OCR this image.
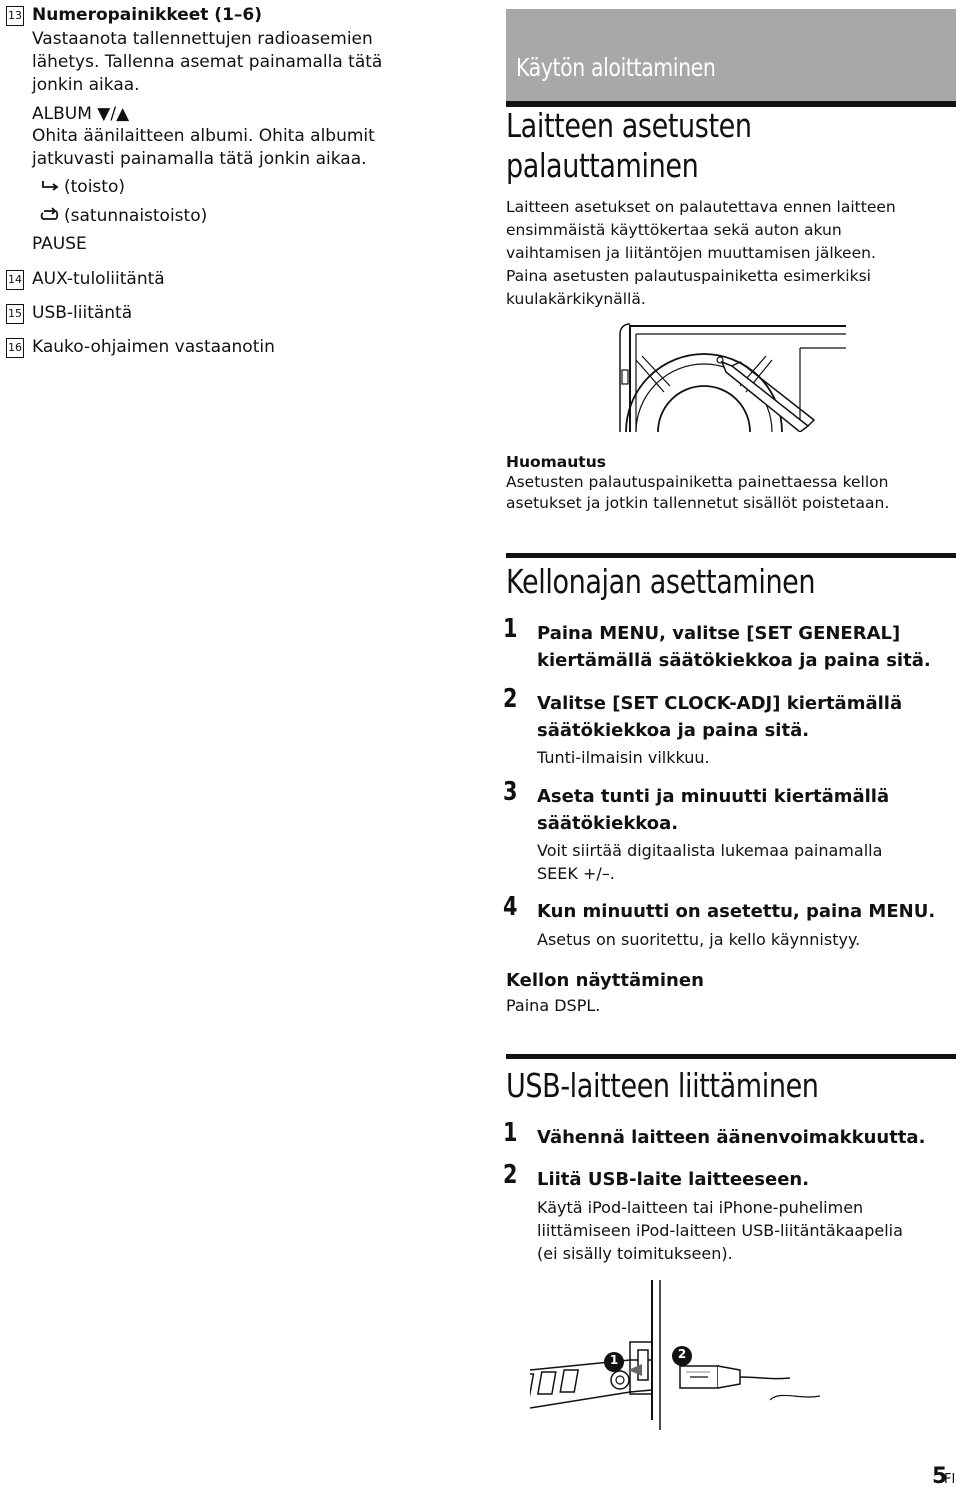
13 Numeropainikkeet (1–6)
Vastaanota tallennettujen radioasemien
lähetys. Tallenna asemat painamalla tätä
jonkin aikaa.
ALBUM ▼/▲
Ohita äänilaitteen albumi. Ohita albumit
jatkuvasti painamalla tätä jonkin aikaa.
(toisto)
(satunnaistoisto)
PAUSE
14 AUX-tuloliitäntä
15 USB-liitäntä
16 Kauko-ohjaimen vastaanotin
Käytön aloittaminen
Laitteen asetusten
palauttaminen
Laitteen asetukset on palautettava ennen laitteen
ensimmäistä käyttökertaa sekä auton akun
vaihtamisen ja liitäntöjen muuttamisen jälkeen.
Paina asetusten palautuspainiketta esimerkiksi
kuulakärkikynällä.
Huomautus
Asetusten palautuspainiketta painettaessa kellon
asetukset ja jotkin tallennetut sisällöt poistetaan.
Kellonajan asettaminen
1 Paina MENU, valitse [SET GENERAL]
kiertämällä säätökiekkoa ja paina sitä.
2 Valitse [SET CLOCK-ADJ] kiertämällä
säätökiekkoa ja paina sitä.
Tunti-ilmaisin vilkkuu.
3 Aseta tunti ja minuutti kiertämällä
säätökiekkoa.
Voit siirtää digitaalista lukemaa painamalla
SEEK +/–.
4 Kun minuutti on asetettu, paina MENU.
Asetus on suoritettu, ja kello käynnistyy.
Kellon näyttäminen
Paina DSPL.
USB-laitteen liittäminen
1 Vähennä laitteen äänenvoimakkuutta.
2 Liitä USB-laite laitteeseen.
Käytä iPod-laitteen tai iPhone-puhelimen
liittämiseen iPod-laitteen USB-liitäntäkaapelia
(ei sisälly toimitukseen).
1	2
5
FI
